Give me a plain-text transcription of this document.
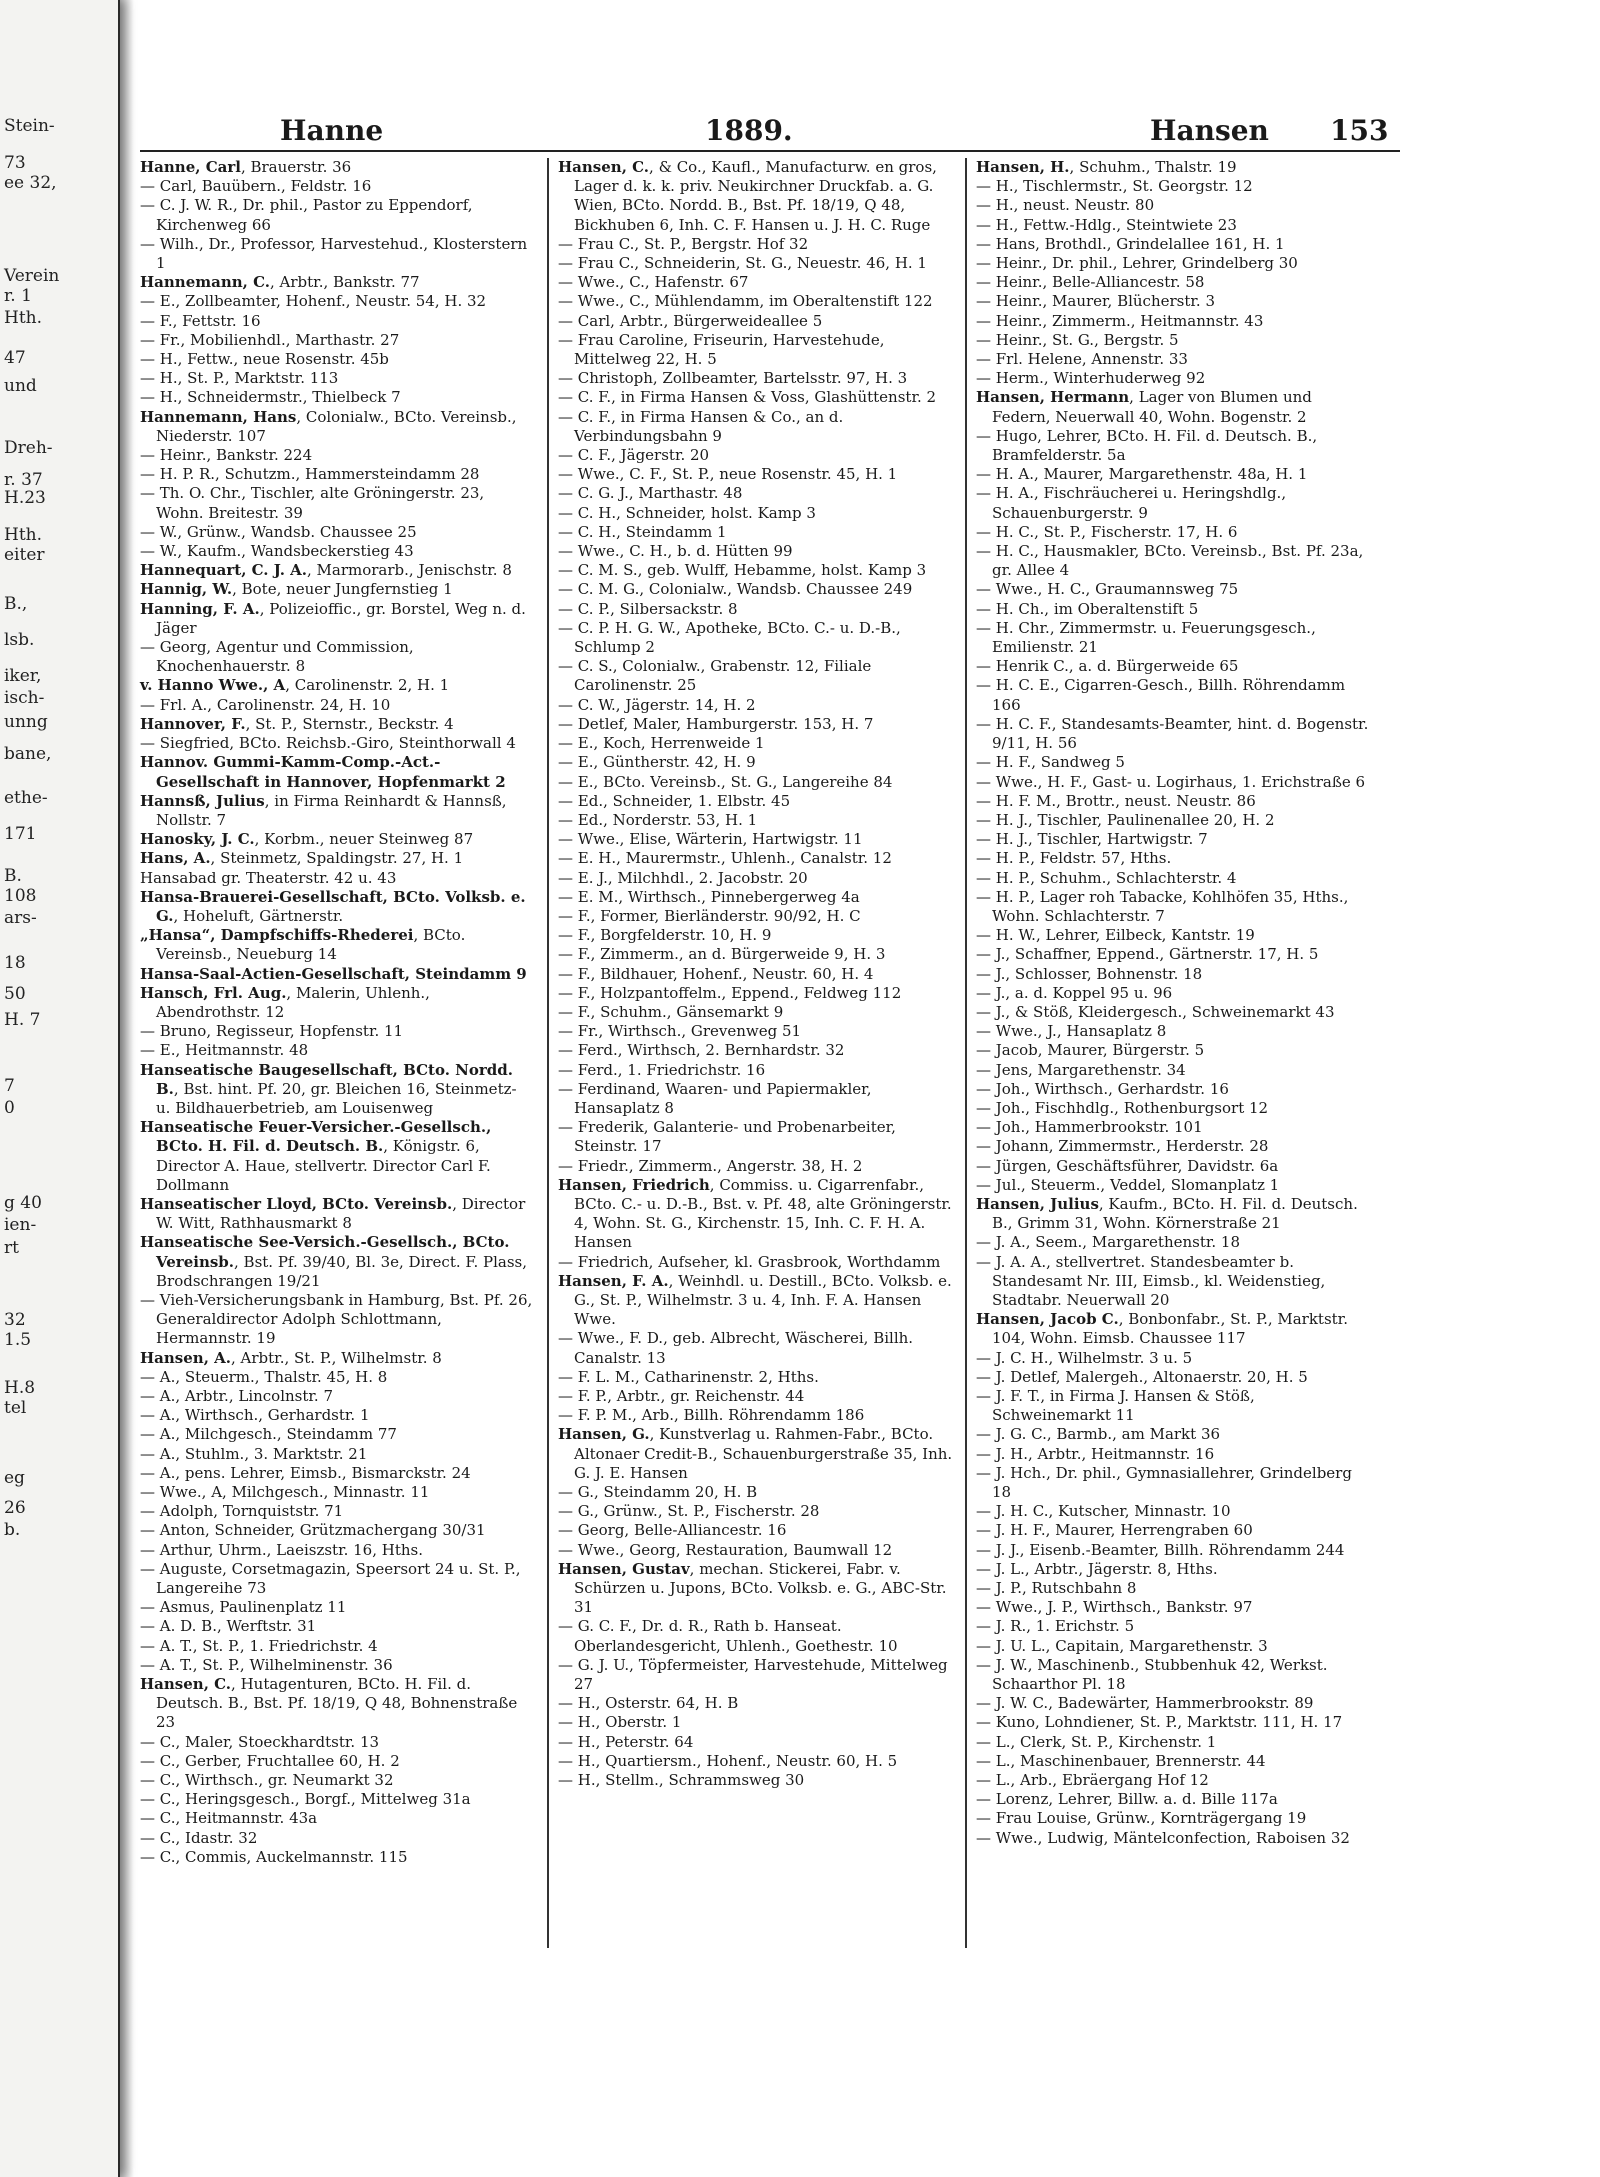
Stein-
73
ee 32,
Verein
r. 1
Hth.
47
und
Dreh-
r. 37
H.23
Hth.
eiter
B.,
lsb.
iker,
isch-
unng
bane,
ethe-
171
B.
108
ars-
18
50
H. 7
7
0
g 40
ien-
rt
32
1.5
H.8
tel
eg
26
b.
Hanne	1889.	Hansen 153

Hanne, Carl, Brauerstr. 36

— Carl, Bauübern., Feldstr. 16

— C. J. W. R., Dr. phil., Pastor zu Eppendorf, Kirchenweg 66

— Wilh., Dr., Professor, Harvestehud., Klosterstern 1

Hannemann, C., Arbtr., Bankstr. 77

— E., Zollbeamter, Hohenf., Neustr. 54, H. 32

— F., Fettstr. 16

— Fr., Mobilienhdl., Marthastr. 27

— H., Fettw., neue Rosenstr. 45b

— H., St. P., Marktstr. 113

— H., Schneidermstr., Thielbeck 7

Hannemann, Hans, Colonialw., BCto. Vereinsb., Niederstr. 107

— Heinr., Bankstr. 224

— H. P. R., Schutzm., Hammersteindamm 28

— Th. O. Chr., Tischler, alte Gröningerstr. 23, Wohn. Breitestr. 39

— W., Grünw., Wandsb. Chaussee 25

— W., Kaufm., Wandsbeckerstieg 43

Hannequart, C. J. A., Marmorarb., Jenischstr. 8

Hannig, W., Bote, neuer Jungfernstieg 1

Hanning, F. A., Polizeioffic., gr. Borstel, Weg n. d. Jäger

— Georg, Agentur und Commission, Knochenhauerstr. 8

v. Hanno Wwe., A, Carolinenstr. 2, H. 1

— Frl. A., Carolinenstr. 24, H. 10

Hannover, F., St. P., Sternstr., Beckstr. 4

— Siegfried, BCto. Reichsb.-Giro, Steinthorwall 4

Hannov. Gummi-Kamm-Comp.-Act.-Gesellschaft in Hannover, Hopfenmarkt 2

Hannsß, Julius, in Firma Reinhardt & Hannsß, Nollstr. 7

Hanosky, J. C., Korbm., neuer Steinweg 87

Hans, A., Steinmetz, Spaldingstr. 27, H. 1

Hansabad gr. Theaterstr. 42 u. 43

Hansa-Brauerei-Gesellschaft, BCto. Volksb. e. G., Hoheluft, Gärtnerstr.

„Hansa“, Dampfschiffs-Rhederei, BCto. Vereinsb., Neueburg 14

Hansa-Saal-Actien-Gesellschaft, Steindamm 9

Hansch, Frl. Aug., Malerin, Uhlenh., Abendrothstr. 12

— Bruno, Regisseur, Hopfenstr. 11

— E., Heitmannstr. 48

Hanseatische Baugesellschaft, BCto. Nordd. B., Bst. hint. Pf. 20, gr. Bleichen 16, Steinmetz- u. Bildhauerbetrieb, am Louisenweg

Hanseatische Feuer-Versicher.-Gesellsch., BCto. H. Fil. d. Deutsch. B., Königstr. 6, Director A. Haue, stellvertr. Director Carl F. Dollmann

Hanseatischer Lloyd, BCto. Vereinsb., Director W. Witt, Rathhausmarkt 8

Hanseatische See-Versich.-Gesellsch., BCto. Vereinsb., Bst. Pf. 39/40, Bl. 3e, Direct. F. Plass, Brodschrangen 19/21

— Vieh-Versicherungsbank in Hamburg, Bst. Pf. 26, Generaldirector Adolph Schlottmann, Hermannstr. 19

Hansen, A., Arbtr., St. P., Wilhelmstr. 8

— A., Steuerm., Thalstr. 45, H. 8

— A., Arbtr., Lincolnstr. 7

— A., Wirthsch., Gerhardstr. 1

— A., Milchgesch., Steindamm 77

— A., Stuhlm., 3. Marktstr. 21

— A., pens. Lehrer, Eimsb., Bismarckstr. 24

— Wwe., A, Milchgesch., Minnastr. 11

— Adolph, Tornquiststr. 71

— Anton, Schneider, Grützmachergang 30/31

— Arthur, Uhrm., Laeiszstr. 16, Hths.

— Auguste, Corsetmagazin, Speersort 24 u. St. P., Langereihe 73

— Asmus, Paulinenplatz 11

— A. D. B., Werftstr. 31

— A. T., St. P., 1. Friedrichstr. 4

— A. T., St. P., Wilhelminenstr. 36

Hansen, C., Hutagenturen, BCto. H. Fil. d. Deutsch. B., Bst. Pf. 18/19, Q 48, Bohnenstraße 23

— C., Maler, Stoeckhardtstr. 13

— C., Gerber, Fruchtallee 60, H. 2

— C., Wirthsch., gr. Neumarkt 32

— C., Heringsgesch., Borgf., Mittelweg 31a

— C., Heitmannstr. 43a

— C., Idastr. 32

— C., Commis, Auckelmannstr. 115

Hansen, C., & Co., Kaufl., Manufacturw. en gros, Lager d. k. k. priv. Neukirchner Druckfab. a. G. Wien, BCto. Nordd. B., Bst. Pf. 18/19, Q 48, Bickhuben 6, Inh. C. F. Hansen u. J. H. C. Ruge

— Frau C., St. P., Bergstr. Hof 32

— Frau C., Schneiderin, St. G., Neuestr. 46, H. 1

— Wwe., C., Hafenstr. 67

— Wwe., C., Mühlendamm, im Oberaltenstift 122

— Carl, Arbtr., Bürgerweideallee 5

— Frau Caroline, Friseurin, Harvestehude, Mittelweg 22, H. 5

— Christoph, Zollbeamter, Bartelsstr. 97, H. 3

— C. F., in Firma Hansen & Voss, Glashüttenstr. 2

— C. F., in Firma Hansen & Co., an d. Verbindungsbahn 9

— C. F., Jägerstr. 20

— Wwe., C. F., St. P., neue Rosenstr. 45, H. 1

— C. G. J., Marthastr. 48

— C. H., Schneider, holst. Kamp 3

— C. H., Steindamm 1

— Wwe., C. H., b. d. Hütten 99

— C. M. S., geb. Wulff, Hebamme, holst. Kamp 3

— C. M. G., Colonialw., Wandsb. Chaussee 249

— C. P., Silbersackstr. 8

— C. P. H. G. W., Apotheke, BCto. C.- u. D.-B., Schlump 2

— C. S., Colonialw., Grabenstr. 12, Filiale Carolinenstr. 25

— C. W., Jägerstr. 14, H. 2

— Detlef, Maler, Hamburgerstr. 153, H. 7

— E., Koch, Herrenweide 1

— E., Güntherstr. 42, H. 9

— E., BCto. Vereinsb., St. G., Langereihe 84

— Ed., Schneider, 1. Elbstr. 45

— Ed., Norderstr. 53, H. 1

— Wwe., Elise, Wärterin, Hartwigstr. 11

— E. H., Maurermstr., Uhlenh., Canalstr. 12

— E. J., Milchhdl., 2. Jacobstr. 20

— E. M., Wirthsch., Pinnebergerweg 4a

— F., Former, Bierländerstr. 90/92, H. C

— F., Borgfelderstr. 10, H. 9

— F., Zimmerm., an d. Bürgerweide 9, H. 3

— F., Bildhauer, Hohenf., Neustr. 60, H. 4

— F., Holzpantoffelm., Eppend., Feldweg 112

— F., Schuhm., Gänsemarkt 9

— Fr., Wirthsch., Grevenweg 51

— Ferd., Wirthsch, 2. Bernhardstr. 32

— Ferd., 1. Friedrichstr. 16

— Ferdinand, Waaren- und Papiermakler, Hansaplatz 8

— Frederik, Galanterie- und Probenarbeiter, Steinstr. 17

— Friedr., Zimmerm., Angerstr. 38, H. 2

Hansen, Friedrich, Commiss. u. Cigarrenfabr., BCto. C.- u. D.-B., Bst. v. Pf. 48, alte Gröningerstr. 4, Wohn. St. G., Kirchenstr. 15, Inh. C. F. H. A. Hansen

— Friedrich, Aufseher, kl. Grasbrook, Worthdamm

Hansen, F. A., Weinhdl. u. Destill., BCto. Volksb. e. G., St. P., Wilhelmstr. 3 u. 4, Inh. F. A. Hansen Wwe.

— Wwe., F. D., geb. Albrecht, Wäscherei, Billh. Canalstr. 13

— F. L. M., Catharinenstr. 2, Hths.

— F. P., Arbtr., gr. Reichenstr. 44

— F. P. M., Arb., Billh. Röhrendamm 186

Hansen, G., Kunstverlag u. Rahmen-Fabr., BCto. Altonaer Credit-B., Schauenburgerstraße 35, Inh. G. J. E. Hansen

— G., Steindamm 20, H. B

— G., Grünw., St. P., Fischerstr. 28

— Georg, Belle-Alliancestr. 16

— Wwe., Georg, Restauration, Baumwall 12

Hansen, Gustav, mechan. Stickerei, Fabr. v. Schürzen u. Jupons, BCto. Volksb. e. G., ABC-Str. 31

— G. C. F., Dr. d. R., Rath b. Hanseat. Oberlandesgericht, Uhlenh., Goethestr. 10

— G. J. U., Töpfermeister, Harvestehude, Mittelweg 27

— H., Osterstr. 64, H. B

— H., Oberstr. 1

— H., Peterstr. 64

— H., Quartiersm., Hohenf., Neustr. 60, H. 5

— H., Stellm., Schrammsweg 30

Hansen, H., Schuhm., Thalstr. 19

— H., Tischlermstr., St. Georgstr. 12

— H., neust. Neustr. 80

— H., Fettw.-Hdlg., Steintwiete 23

— Hans, Brothdl., Grindelallee 161, H. 1

— Heinr., Dr. phil., Lehrer, Grindelberg 30

— Heinr., Belle-Alliancestr. 58

— Heinr., Maurer, Blücherstr. 3

— Heinr., Zimmerm., Heitmannstr. 43

— Heinr., St. G., Bergstr. 5

— Frl. Helene, Annenstr. 33

— Herm., Winterhuderweg 92

Hansen, Hermann, Lager von Blumen und Federn, Neuerwall 40, Wohn. Bogenstr. 2

— Hugo, Lehrer, BCto. H. Fil. d. Deutsch. B., Bramfelderstr. 5a

— H. A., Maurer, Margarethenstr. 48a, H. 1

— H. A., Fischräucherei u. Heringshdlg., Schauenburgerstr. 9

— H. C., St. P., Fischerstr. 17, H. 6

— H. C., Hausmakler, BCto. Vereinsb., Bst. Pf. 23a, gr. Allee 4

— Wwe., H. C., Graumannsweg 75

— H. Ch., im Oberaltenstift 5

— H. Chr., Zimmermstr. u. Feuerungsgesch., Emilienstr. 21

— Henrik C., a. d. Bürgerweide 65

— H. C. E., Cigarren-Gesch., Billh. Röhrendamm 166

— H. C. F., Standesamts-Beamter, hint. d. Bogenstr. 9/11, H. 56

— H. F., Sandweg 5

— Wwe., H. F., Gast- u. Logirhaus, 1. Erichstraße 6

— H. F. M., Brottr., neust. Neustr. 86

— H. J., Tischler, Paulinenallee 20, H. 2

— H. J., Tischler, Hartwigstr. 7

— H. P., Feldstr. 57, Hths.

— H. P., Schuhm., Schlachterstr. 4

— H. P., Lager roh Tabacke, Kohlhöfen 35, Hths., Wohn. Schlachterstr. 7

— H. W., Lehrer, Eilbeck, Kantstr. 19

— J., Schaffner, Eppend., Gärtnerstr. 17, H. 5

— J., Schlosser, Bohnenstr. 18

— J., a. d. Koppel 95 u. 96

— J., & Stöß, Kleidergesch., Schweinemarkt 43

— Wwe., J., Hansaplatz 8

— Jacob, Maurer, Bürgerstr. 5

— Jens, Margarethenstr. 34

— Joh., Wirthsch., Gerhardstr. 16

— Joh., Fischhdlg., Rothenburgsort 12

— Joh., Hammerbrookstr. 101

— Johann, Zimmermstr., Herderstr. 28

— Jürgen, Geschäftsführer, Davidstr. 6a

— Jul., Steuerm., Veddel, Slomanplatz 1

Hansen, Julius, Kaufm., BCto. H. Fil. d. Deutsch. B., Grimm 31, Wohn. Körnerstraße 21

— J. A., Seem., Margarethenstr. 18

— J. A. A., stellvertret. Standesbeamter b. Standesamt Nr. III, Eimsb., kl. Weidenstieg, Stadtabr. Neuerwall 20

Hansen, Jacob C., Bonbonfabr., St. P., Marktstr. 104, Wohn. Eimsb. Chaussee 117

— J. C. H., Wilhelmstr. 3 u. 5

— J. Detlef, Malergeh., Altonaerstr. 20, H. 5

— J. F. T., in Firma J. Hansen & Stöß, Schweinemarkt 11

— J. G. C., Barmb., am Markt 36

— J. H., Arbtr., Heitmannstr. 16

— J. Hch., Dr. phil., Gymnasiallehrer, Grindelberg 18

— J. H. C., Kutscher, Minnastr. 10

— J. H. F., Maurer, Herrengraben 60

— J. J., Eisenb.-Beamter, Billh. Röhrendamm 244

— J. L., Arbtr., Jägerstr. 8, Hths.

— J. P., Rutschbahn 8

— Wwe., J. P., Wirthsch., Bankstr. 97

— J. R., 1. Erichstr. 5

— J. U. L., Capitain, Margarethenstr. 3

— J. W., Maschinenb., Stubbenhuk 42, Werkst. Schaarthor Pl. 18

— J. W. C., Badewärter, Hammerbrookstr. 89

— Kuno, Lohndiener, St. P., Marktstr. 111, H. 17

— L., Clerk, St. P., Kirchenstr. 1

— L., Maschinenbauer, Brennerstr. 44

— L., Arb., Ebräergang Hof 12

— Lorenz, Lehrer, Billw. a. d. Bille 117a

— Frau Louise, Grünw., Kornträgergang 19

— Wwe., Ludwig, Mäntelconfection, Raboisen 32
